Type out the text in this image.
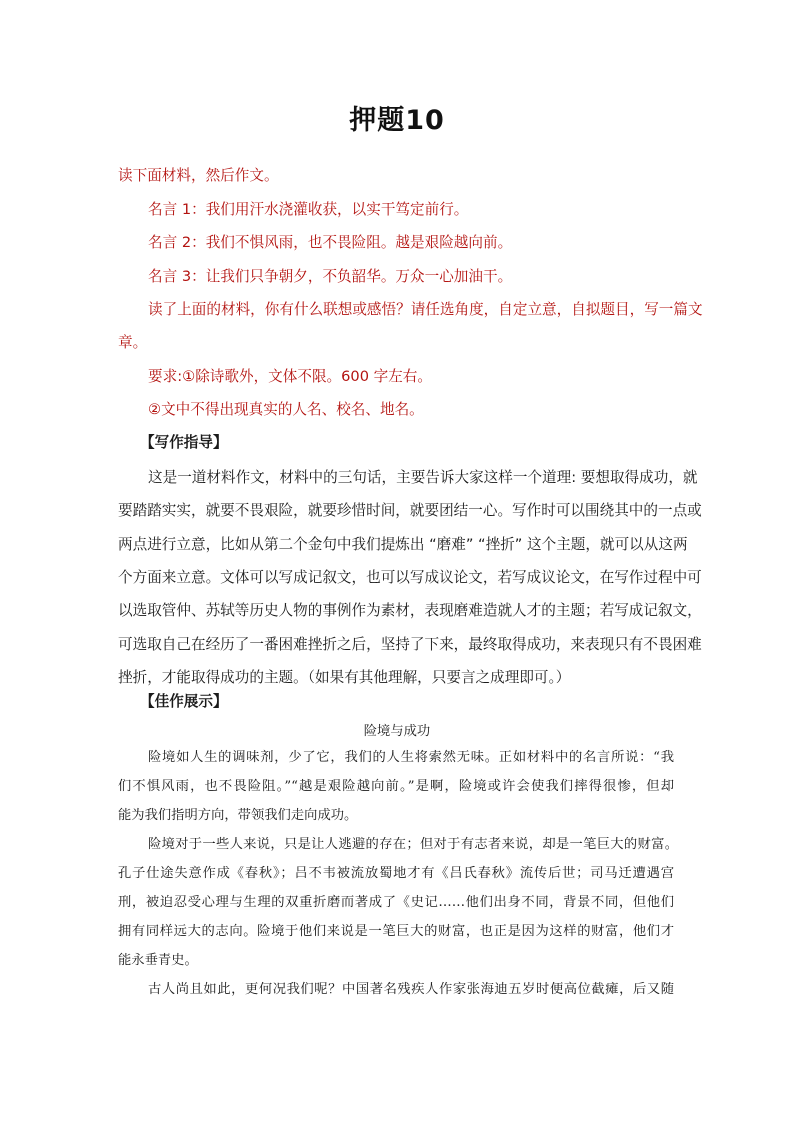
押题10
读下面材料，然后作文。
名言 1：我们用汗水浇灌收获，以实干笃定前行。
名言 2：我们不惧风雨，也不畏险阻。越是艰险越向前。
名言 3：让我们只争朝夕，不负韶华。万众一心加油干。
读了上面的材料，你有什么联想或感悟？请任选角度，自定立意，自拟题目，写一篇文
章。
要求:①除诗歌外，文体不限。600 字左右。
②文中不得出现真实的人名、校名、地名。
【写作指导】
这是一道材料作文，材料中的三句话，主要告诉大家这样一个道理: 要想取得成功，就
要踏踏实实，就要不畏艰险，就要珍惜时间，就要团结一心。写作时可以围绕其中的一点或
两点进行立意，比如从第二个金句中我们提炼出 “磨难” “挫折” 这个主题，就可以从这两
个方面来立意。文体可以写成记叙文，也可以写成议论文，若写成议论文，在写作过程中可
以选取管仲、苏轼等历史人物的事例作为素材，表现磨难造就人才的主题；若写成记叙文，
可选取自己在经历了一番困难挫折之后，坚持了下来，最终取得成功，来表现只有不畏困难
挫折，才能取得成功的主题。（如果有其他理解，只要言之成理即可。）
【佳作展示】
险境与成功
险境如人生的调味剂，少了它，我们的人生将索然无味。正如材料中的名言所说：“我
们不惧风雨，也不畏险阻。”“越是艰险越向前。”是啊，险境或许会使我们摔得很惨，但却
能为我们指明方向，带领我们走向成功。
险境对于一些人来说，只是让人逃避的存在；但对于有志者来说，却是一笔巨大的财富。
孔子仕途失意作成《春秋》；吕不韦被流放蜀地才有《吕氏春秋》流传后世；司马迁遭遇宫
刑，被迫忍受心理与生理的双重折磨而著成了《史记……他们出身不同，背景不同，但他们
拥有同样远大的志向。险境于他们来说是一笔巨大的财富，也正是因为这样的财富，他们才
能永垂青史。
古人尚且如此，更何况我们呢？中国著名残疾人作家张海迪五岁时便高位截瘫，后又随
